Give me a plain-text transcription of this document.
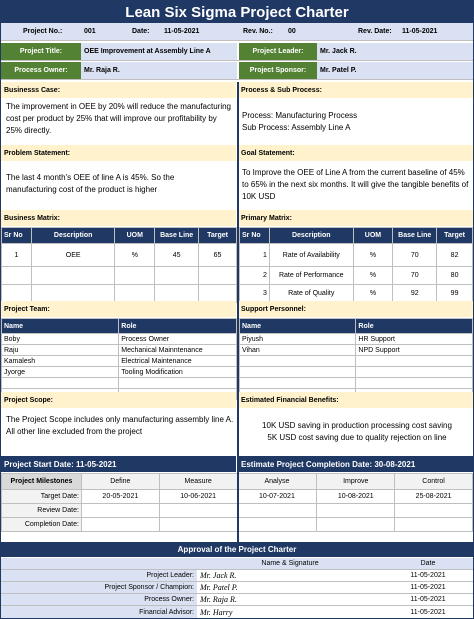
Lean Six Sigma Project Charter
Project No.:	001	Date:	11-05-2021	Rev. No.:	00	Rev. Date:	11-05-2021
Project Title:	OEE Improvement at Assembly Line A	Project Leader:	Mr. Jack R.
Process Owner:	Mr. Raja R.	Project Sponsor:	Mr. Patel P.
Businesss Case:	Process & Sub Process:
The improvement in OEE by 20% will reduce the manufacturing cost per product by 25% that will improve our profitability by 25% directly.
Process: Manufacturing Process
Sub Process: Assembly Line A
Problem Statement:	Goal Statement:
The last 4 month's OEE of line A is 45%. So the manufacturing cost of the product is higher
To Improve the OEE of Line A from the current baseline of 45% to 65% in the next six months. It will give the tangible benefits of 10K USD
Business Matrix:	Primary Matrix:
Sr No	Description	UOM	Base Line	Target
1	OEE	%	45	65

Sr No	Description	UOM	Base Line	Target
1	Rate of Availability	%	70	82
2	Rate of Performance	%	70	80
3	Rate of Quality	%	92	99
Project Team:	Support Personnel:
Name	Role
Boby	Process Owner
Raju	Mechanical Mainntenance
Kamalesh	Electrical Maintenance
Jyorge	Tooling Modification

Name	Role
Piyush	HR Support
Vihan	NPD Support

Project Scope:	Estimated Financial Benefits:
The Project Scope includes only manufacturing assembly line A.
All other line excluded from the project
10K USD saving in production processing cost saving
5K USD cost saving due to quality rejection on line
Project Start Date: 11-05-2021	Estimate Project Completion Date: 30-08-2021
Project Milestones	Define	Measure	Analyse	Improve	Control
Target Date:	20-05-2021	10-06-2021	10-07-2021	10-08-2021	25-08-2021
Review Date:					
Completion Date:					
Approval of the Project Charter
Name & Signature	Date
Project Leader: Mr. Jack R.	11-05-2021
Project Sponsor / Champion: Mr. Patel P.	11-05-2021
Process Owner: Mr. Raja R.	11-05-2021
Financial Advisor: Mr. Harry	11-05-2021
